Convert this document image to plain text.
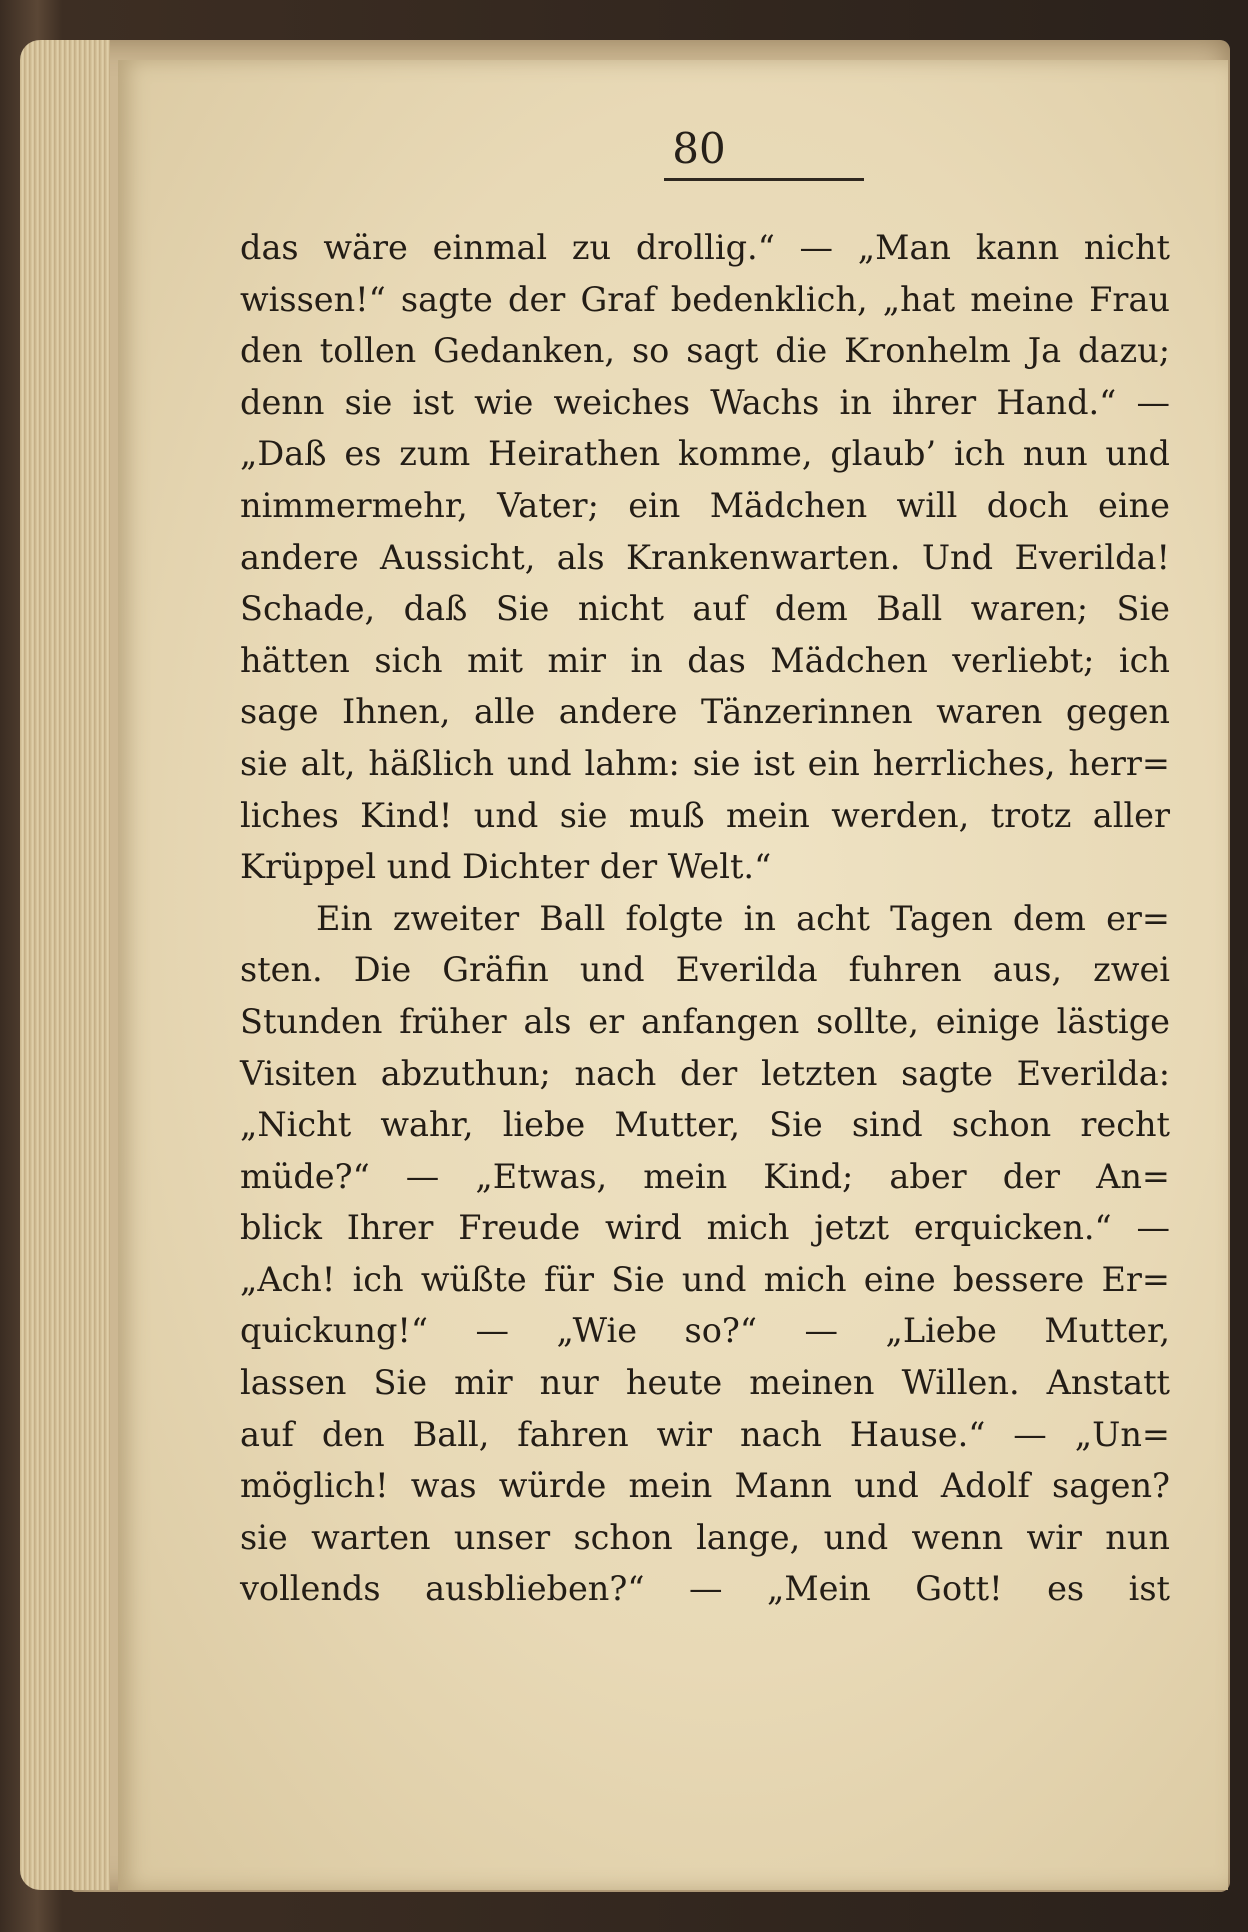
80
das wäre einmal zu drollig.“ — „Man kann nicht
wissen!“ sagte der Graf bedenklich, „hat meine Frau
den tollen Gedanken, so sagt die Kronhelm Ja dazu;
denn sie ist wie weiches Wachs in ihrer Hand.“ —
„Daß es zum Heirathen komme, glaub’ ich nun und
nimmermehr, Vater; ein Mädchen will doch eine
andere Aussicht, als Krankenwarten. Und Everilda!
Schade, daß Sie nicht auf dem Ball waren; Sie
hätten sich mit mir in das Mädchen verliebt; ich
sage Ihnen, alle andere Tänzerinnen waren gegen
sie alt, häßlich und lahm: sie ist ein herrliches, herr=
liches Kind! und sie muß mein werden, trotz aller
Krüppel und Dichter der Welt.“
Ein zweiter Ball folgte in acht Tagen dem er=
sten. Die Gräfin und Everilda fuhren aus, zwei
Stunden früher als er anfangen sollte, einige lästige
Visiten abzuthun; nach der letzten sagte Everilda:
„Nicht wahr, liebe Mutter, Sie sind schon recht
müde?“ — „Etwas, mein Kind; aber der An=
blick Ihrer Freude wird mich jetzt erquicken.“ —
„Ach! ich wüßte für Sie und mich eine bessere Er=
quickung!“ — „Wie so?“ — „Liebe Mutter,
lassen Sie mir nur heute meinen Willen. Anstatt
auf den Ball, fahren wir nach Hause.“ — „Un=
möglich! was würde mein Mann und Adolf sagen?
sie warten unser schon lange, und wenn wir nun
vollends ausblieben?“ — „Mein Gott! es ist
